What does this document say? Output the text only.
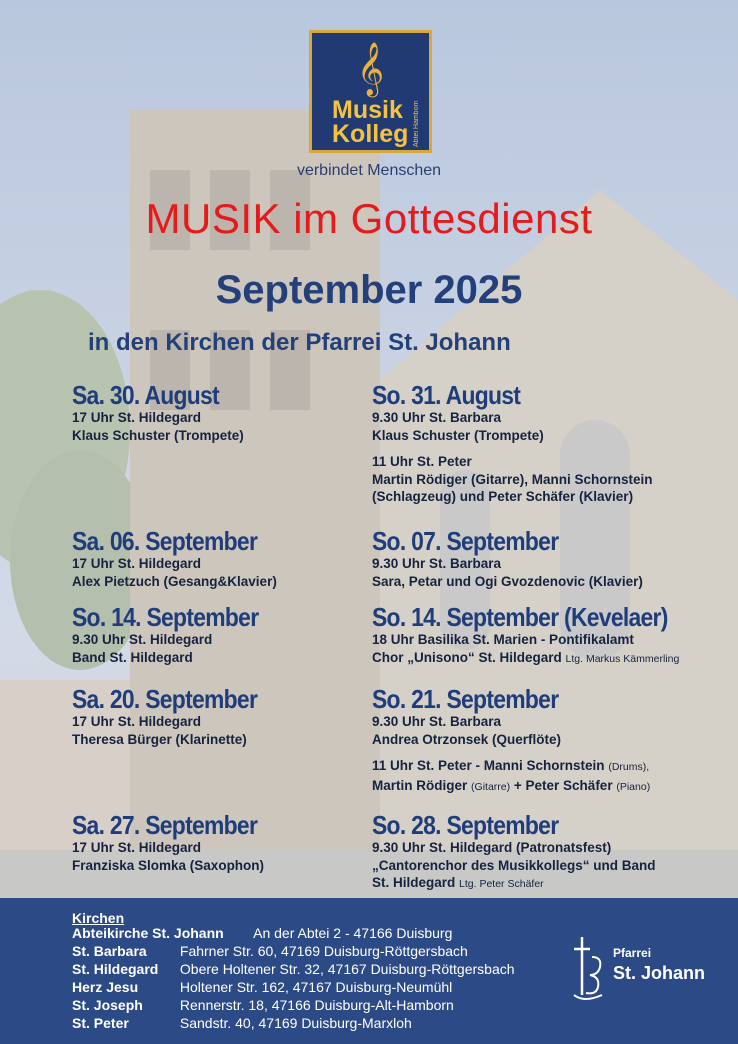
𝄞
Musik
Kolleg Abtei Hamborn
verbindet Menschen
MUSIK im Gottesdienst
September 2025
in den Kirchen der Pfarrei St. Johann
Sa. 30. August
17 Uhr St. Hildegard
Klaus Schuster (Trompete)
Sa. 06. September
17 Uhr St. Hildegard
Alex Pietzuch (Gesang&Klavier)
So. 14. September
9.30 Uhr St. Hildegard
Band St. Hildegard
Sa. 20. September
17 Uhr St. Hildegard
Theresa Bürger (Klarinette)
Sa. 27. September
17 Uhr St. Hildegard
Franziska Slomka (Saxophon)
So. 31. August
9.30 Uhr St. Barbara
Klaus Schuster (Trompete)
11 Uhr St. Peter
Martin Rödiger (Gitarre), Manni Schornstein
(Schlagzeug) und Peter Schäfer (Klavier)
So. 07. September
9.30 Uhr St. Barbara
Sara, Petar und Ogi Gvozdenovic (Klavier)
So. 14. September (Kevelaer)
18 Uhr Basilika St. Marien - Pontifikalamt
Chor „Unisono“ St. Hildegard Ltg. Markus Kämmerling
So. 21. September
9.30 Uhr St. Barbara
Andrea Otrzonsek (Querflöte)
11 Uhr St. Peter - Manni Schornstein (Drums),
Martin Rödiger (Gitarre) + Peter Schäfer (Piano)
So. 28. September
9.30 Uhr St. Hildegard (Patronatsfest)
„Cantorenchor des Musikkollegs“ und Band
St. Hildegard Ltg. Peter Schäfer
Kirchen
Abteikirche St. Johann An der Abtei 2 - 47166 Duisburg
St. Barbara Fahrner Str. 60, 47169 Duisburg-Röttgersbach
St. Hildegard Obere Holtener Str. 32, 47167 Duisburg-Röttgersbach
Herz Jesu	Holtener Str. 162, 47167 Duisburg-Neumühl
St. Joseph	Rennerstr. 18, 47166 Duisburg-Alt-Hamborn
St. Peter	Sandstr. 40, 47169 Duisburg-Marxloh
Pfarrei
St. Johann
